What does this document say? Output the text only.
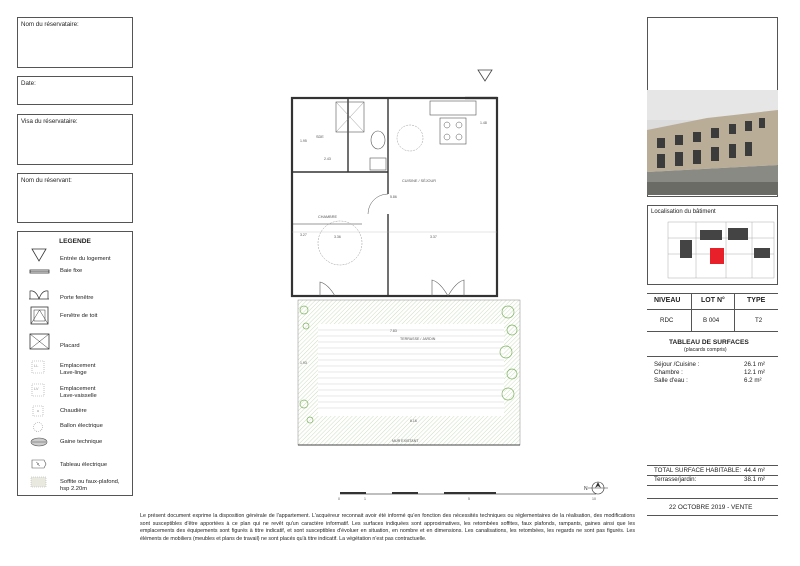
Nom du réservataire:
Date:
Visa du réservataire:
Nom du réservant:
LEGENDE
Entrée du logement
Baie fixe
Porte fenêtre
Fenêtre de toit
Placard
LL	Emplacement
Lave-linge
LV	Emplacement
Lave-vaisselle
Chaudière
Ballon électrique
Gaine technique
Tableau électrique
Soffite ou faux-plafond,
hsp 2.20m
SDE
CUISINE / SÉJOUR
CHAMBRE
1.48
2.43
3.36	3.37
3.27
5.86
1.95
TERRASSE / JARDIN
7.83
6.16
1.93
MUR EXISTANT
0	1	5	10
N
Le présent document exprime la disposition générale de l'appartement. L'acquéreur reconnait avoir été informé qu'en fonction des nécessités techniques ou réglementaires de la réalisation, des modifications sont susceptibles d'être apportées à ce plan qui ne revêt qu'un caractère informatif. Les surfaces indiquées sont approximatives, les retombées soffites, faux plafonds, rampants, gaines ainsi que les emplacements des équipements sont figurés à titre indicatif, et sont susceptibles d'évoluer en situation, en nombre et en dimensions. Les canalisations, les retombées, les regards ne sont pas figurés. Les éléments de mobiliers (meubles et plans de travail) ne sont placés qu'à titre indicatif. La végétation n'est pas contractuelle.
Localisation du bâtiment
NIVEAU	LOT N°	TYPE
RDC	B 004	T2
TABLEAU DE SURFACES
(placards compris)
Séjour /Cuisine :	26.1 m²
Chambre :	12.1 m²
Salle d'eau :	6.2 m²
TOTAL SURFACE HABITABLE: 44.4 m²
Terrasse/jardin:	38.1 m²
22 OCTOBRE 2019 - VENTE
